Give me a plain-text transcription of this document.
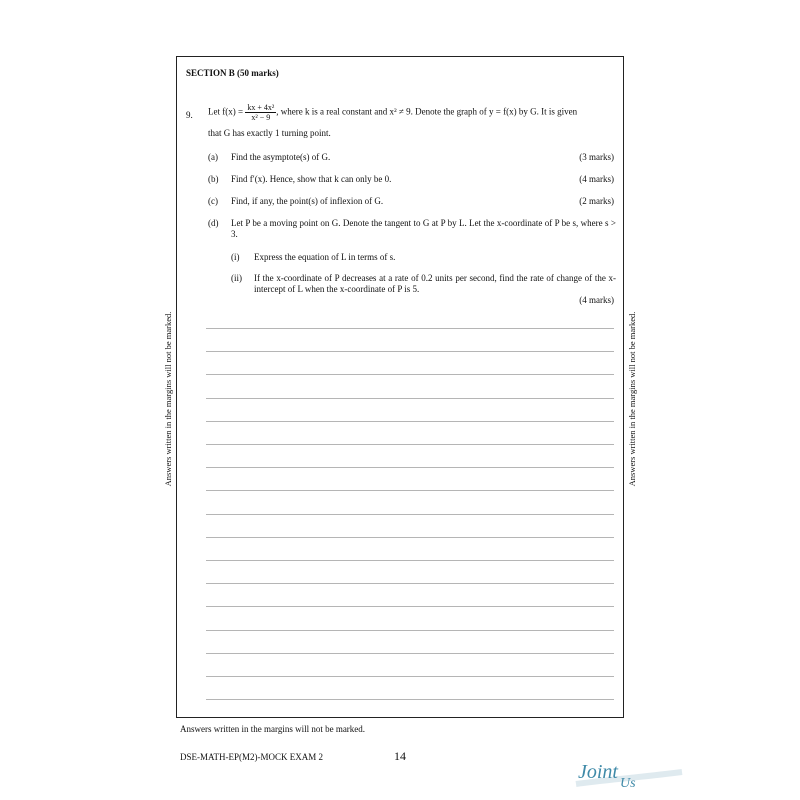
SECTION B (50 marks)
9. Let $f(x) = \frac{\text{kx + 4x²}}{\text{x² − 9}}$ , where k is a real constant and x² ≠ 9. Denote the graph of y = f(x) by G. It is given
that G has exactly 1 turning point.
(a) Find the asymptote(s) of G.	(3 marks)
(b) Find f′(x). Hence, show that k can only be 0.	(4 marks)
(c) Find, if any, the point(s) of inflexion of G.	(2 marks)
(d) Let P be a moving point on G. Denote the tangent to G at P by L. Let the x-coordinate of P be s, where s > 3.
(i) Express the equation of L in terms of s.
(ii) If the x-coordinate of P decreases at a rate of 0.2 units per second, find the rate of change of the x-intercept of L when the x-coordinate of P is 5.
(4 marks)
Answers written in the margins will not be marked.	Answers written in the margins will not be marked.
Answers written in the margins will not be marked.
DSE-MATH-EP(M2)-MOCK EXAM 2	14
Joint
Us
